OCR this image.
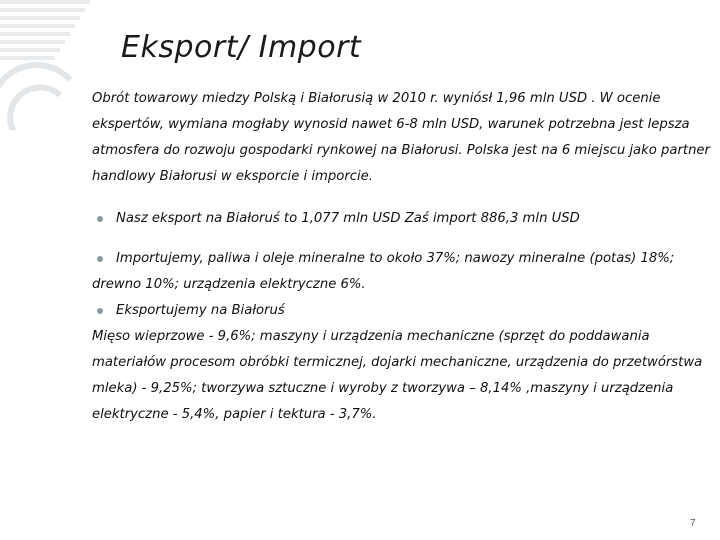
Eksport/ Import

Obrót towarowy miedzy Polską i Białorusią w 2010 r. wyniósł 1,96 mln USD . W ocenie ekspertów, wymiana mogłaby wynosid nawet 6-8 mln USD, warunek potrzebna jest lepsza atmosfera do rozwoju gospodarki rynkowej na Białorusi. Polska jest na 6 miejscu jako partner handlowy Białorusi w eksporcie i imporcie.

Nasz eksport na Białoruś to 1,077 mln USD Zaś import 886,3 mln USD

Importujemy, paliwa i oleje mineralne to około 37%; nawozy mineralne (potas) 18%;

drewno 10%; urządzenia elektryczne 6%.

Eksportujemy na Białoruś

Mięso wieprzowe - 9,6%; maszyny i urządzenia mechaniczne (sprzęt do poddawania materiałów procesom obróbki termicznej, dojarki mechaniczne, urządzenia do przetwórstwa mleka) - 9,25%; tworzywa sztuczne i wyroby z tworzywa – 8,14% ,maszyny i urządzenia elektryczne - 5,4%, papier i tektura - 3,7%.

7
